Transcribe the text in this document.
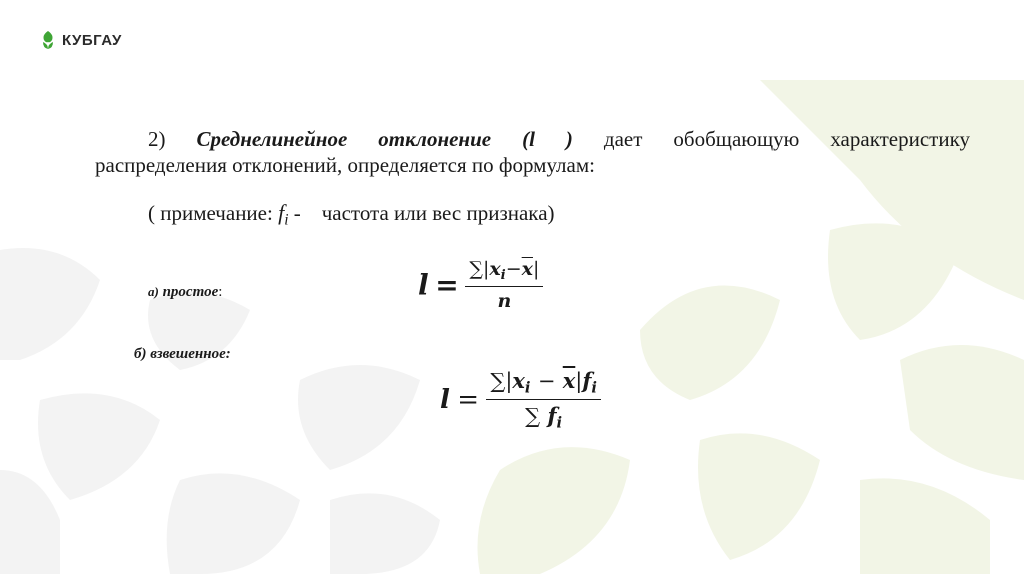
КУБГАУ
2) Среднелинейное отклонение (l ) дает обобщающую характеристику
распределения отклонений, определяется по формулам:
( примечание: $f_i$ -    частота или вес признака)
а) простое:	$l = \frac{\sum|x_i-\overline{x}|}{n}$
б) взвешенное:
$l = \frac{\sum|x_i - \overline{x}|f_i}{\sum f_i}$
